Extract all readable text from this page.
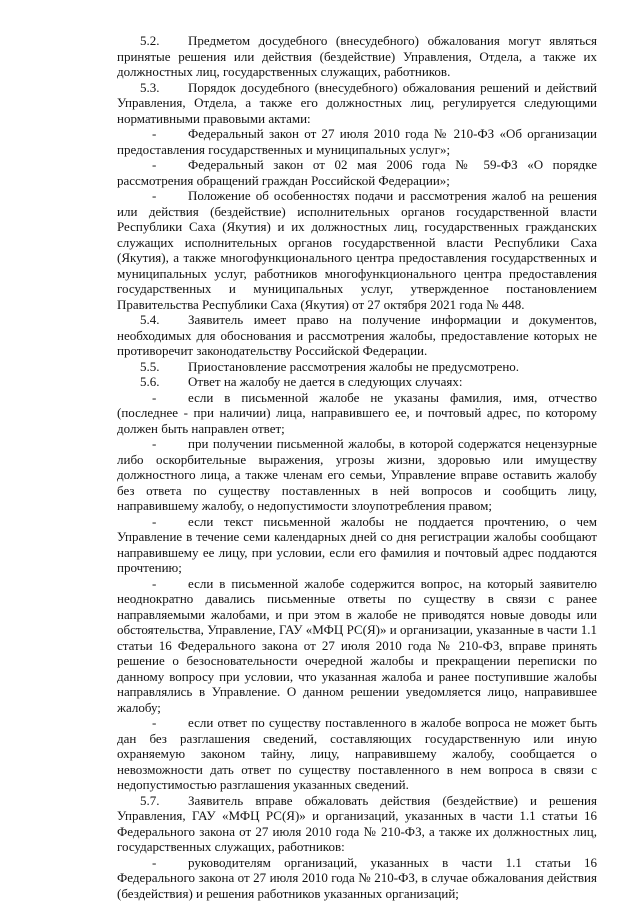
5.2. Предметом досудебного (внесудебного) обжалования могут являться принятые решения или действия (бездействие) Управления, Отдела, а также их должностных лиц, государственных служащих, работников.

5.3. Порядок досудебного (внесудебного) обжалования решений и действий Управления, Отдела, а также его должностных лиц, регулируется следующими нормативными правовыми актами:

- Федеральный закон от 27 июля 2010 года № 210-ФЗ «Об организации предоставления государственных и муниципальных услуг»;

- Федеральный закон от 02 мая 2006 года № 59-ФЗ «О порядке рассмотрения обращений граждан Российской Федерации»;

- Положение об особенностях подачи и рассмотрения жалоб на решения или действия (бездействие) исполнительных органов государственной власти Республики Саха (Якутия) и их должностных лиц, государственных гражданских служащих исполнительных органов государственной власти Республики Саха (Якутия), а также многофункционального центра предоставления государственных и муниципальных услуг, работников многофункционального центра предоставления государственных и муниципальных услуг, утвержденное постановлением Правительства Республики Саха (Якутия) от 27 октября 2021 года № 448.

5.4. Заявитель имеет право на получение информации и документов, необходимых для обоснования и рассмотрения жалобы, предоставление которых не противоречит законодательству Российской Федерации.

5.5. Приостановление рассмотрения жалобы не предусмотрено.

5.6. Ответ на жалобу не дается в следующих случаях:

- если в письменной жалобе не указаны фамилия, имя, отчество (последнее - при наличии) лица, направившего ее, и почтовый адрес, по которому должен быть направлен ответ;

- при получении письменной жалобы, в которой содержатся нецензурные либо оскорбительные выражения, угрозы жизни, здоровью или имуществу должностного лица, а также членам его семьи, Управление вправе оставить жалобу без ответа по существу поставленных в ней вопросов и сообщить лицу, направившему жалобу, о недопустимости злоупотребления правом;

- если текст письменной жалобы не поддается прочтению, о чем Управление в течение семи календарных дней со дня регистрации жалобы сообщают направившему ее лицу, при условии, если его фамилия и почтовый адрес поддаются прочтению;

- если в письменной жалобе содержится вопрос, на который заявителю неоднократно давались письменные ответы по существу в связи с ранее направляемыми жалобами, и при этом в жалобе не приводятся новые доводы или обстоятельства, Управление, ГАУ «МФЦ РС(Я)» и организации, указанные в части 1.1 статьи 16 Федерального закона от 27 июля 2010 года № 210-ФЗ, вправе принять решение о безосновательности очередной жалобы и прекращении переписки по данному вопросу при условии, что указанная жалоба и ранее поступившие жалобы направлялись в Управление. О данном решении уведомляется лицо, направившее жалобу;

- если ответ по существу поставленного в жалобе вопроса не может быть дан без разглашения сведений, составляющих государственную или иную охраняемую законом тайну, лицу, направившему жалобу, сообщается о невозможности дать ответ по существу поставленного в нем вопроса в связи с недопустимостью разглашения указанных сведений.

5.7. Заявитель вправе обжаловать действия (бездействие) и решения Управления, ГАУ «МФЦ РС(Я)» и организаций, указанных в части 1.1 статьи 16 Федерального закона от 27 июля 2010 года № 210-ФЗ, а также их должностных лиц, государственных служащих, работников:

- руководителям организаций, указанных в части 1.1 статьи 16 Федерального закона от 27 июля 2010 года № 210-ФЗ, в случае обжалования действия (бездействия) и решения работников указанных организаций;
